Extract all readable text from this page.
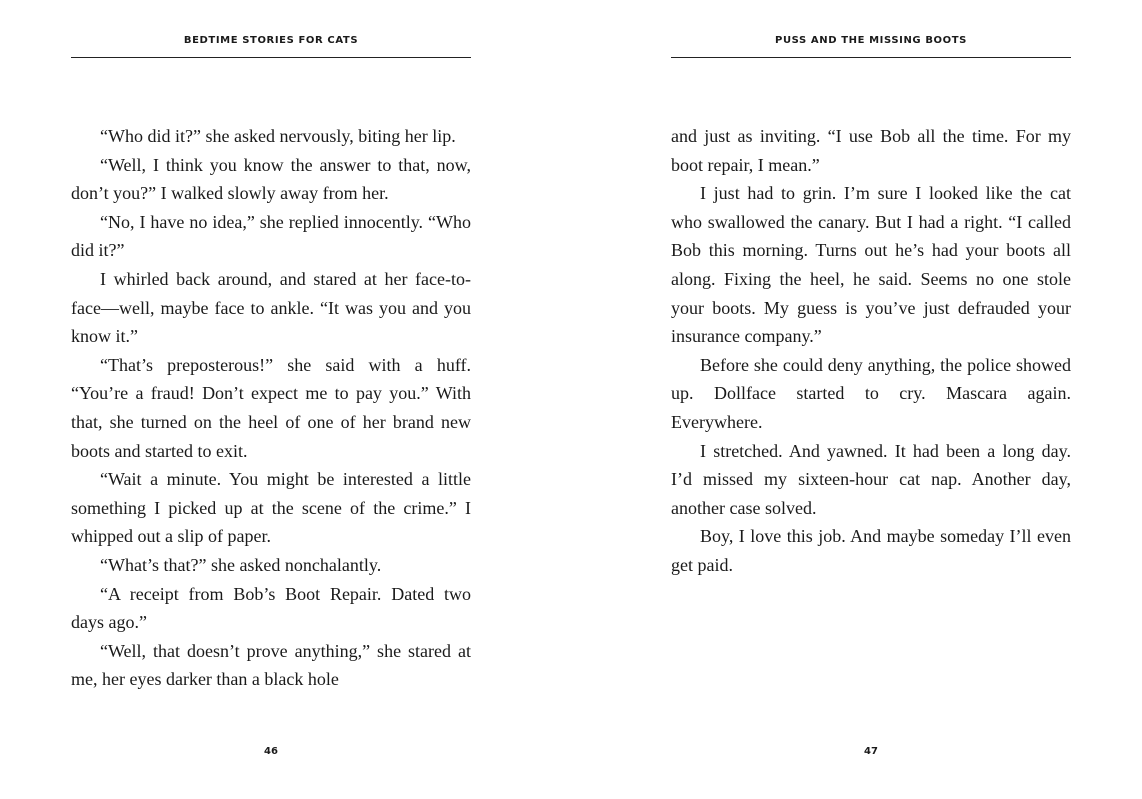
BEDTIME STORIES FOR CATS

“Who did it?” she asked nervously, biting her lip.

“Well, I think you know the answer to that, now, don’t you?” I walked slowly away from her.

“No, I have no idea,” she replied innocently. “Who did it?”

I whirled back around, and stared at her face-to-face—well, maybe face to ankle. “It was you and you know it.”

“That’s preposterous!” she said with a huff. “You’re a fraud! Don’t expect me to pay you.” With that, she turned on the heel of one of her brand new boots and started to exit.

“Wait a minute. You might be interested a little something I picked up at the scene of the crime.” I whipped out a slip of paper.

“What’s that?” she asked nonchalantly.

“A receipt from Bob’s Boot Repair. Dated two days ago.”

“Well, that doesn’t prove anything,” she stared at me, her eyes darker than a black hole

46
PUSS AND THE MISSING BOOTS

and just as inviting. “I use Bob all the time. For my boot repair, I mean.”

I just had to grin. I’m sure I looked like the cat who swallowed the canary. But I had a right. “I called Bob this morning. Turns out he’s had your boots all along. Fixing the heel, he said. Seems no one stole your boots. My guess is you’ve just defrauded your insurance company.”

Before she could deny anything, the police showed up. Dollface started to cry. Mascara again. Everywhere.

I stretched. And yawned. It had been a long day. I’d missed my sixteen-hour cat nap. Another day, another case solved.

Boy, I love this job. And maybe someday I’ll even get paid.

47
